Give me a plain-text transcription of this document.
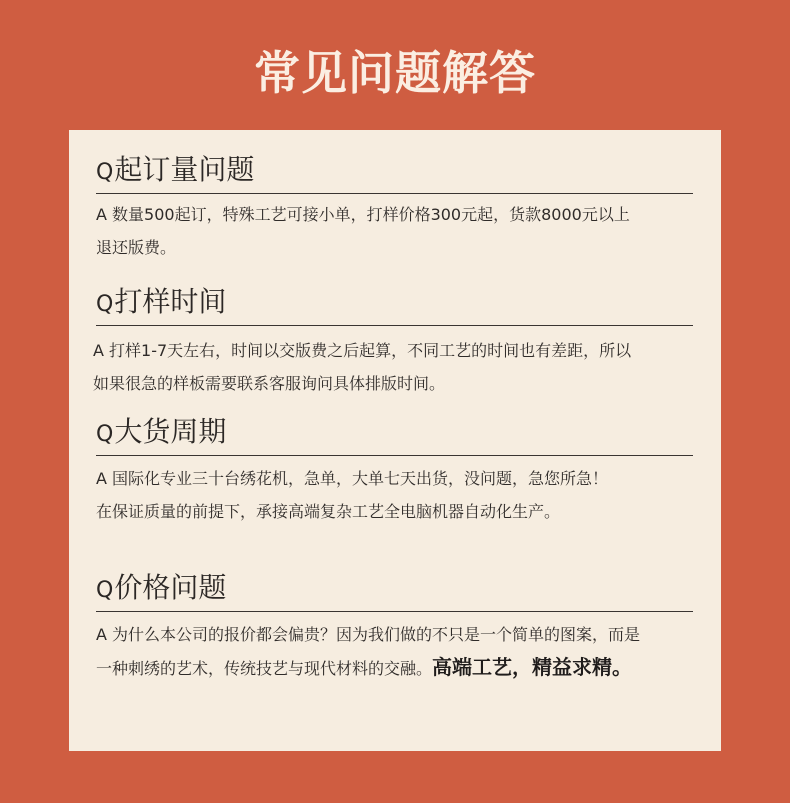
常见问题解答
Q起订量问题

A 数量500起订，特殊工艺可接小单，打样价格300元起，货款8000元以上

退还版费。

Q打样时间

A 打样1-7天左右，时间以交版费之后起算，不同工艺的时间也有差距，所以

如果很急的样板需要联系客服询问具体排版时间。

Q大货周期

A 国际化专业三十台绣花机，急单，大单七天出货，没问题，急您所急！

在保证质量的前提下，承接高端复杂工艺全电脑机器自动化生产。

Q价格问题

A 为什么本公司的报价都会偏贵？因为我们做的不只是一个简单的图案，而是

一种刺绣的艺术，传统技艺与现代材料的交融。高端工艺，精益求精。
